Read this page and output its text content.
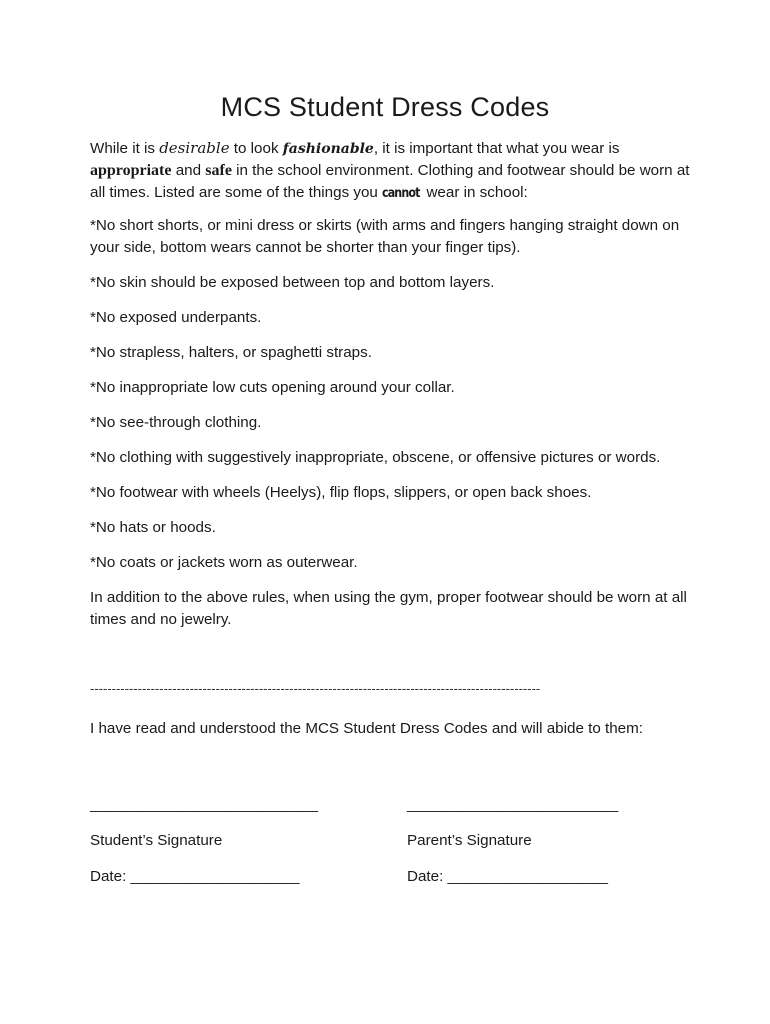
MCS Student Dress Codes

While it is desirable to look fashionable, it is important that what you wear is appropriate and safe in the school environment. Clothing and footwear should be worn at all times. Listed are some of the things you cannot wear in school:

*No short shorts, or mini dress or skirts (with arms and fingers hanging straight down on your side, bottom wears cannot be shorter than your finger tips).

*No skin should be exposed between top and bottom layers.

*No exposed underpants.

*No strapless, halters, or spaghetti straps.

*No inappropriate low cuts opening around your collar.

*No see-through clothing.

*No clothing with suggestively inappropriate, obscene, or offensive pictures or words.

*No footwear with wheels (Heelys), flip flops, slippers, or open back shoes.

*No hats or hoods.

*No coats or jackets worn as outerwear.

In addition to the above rules, when using the gym, proper footwear should be worn at all times and no jewelry.

--------------------------------------------------------------------------------------------------------

I have read and understood the MCS Student Dress Codes and will abide to them:

___________________________	_________________________
Student’s Signature	Parent’s Signature
Date: ____________________	Date: ___________________
